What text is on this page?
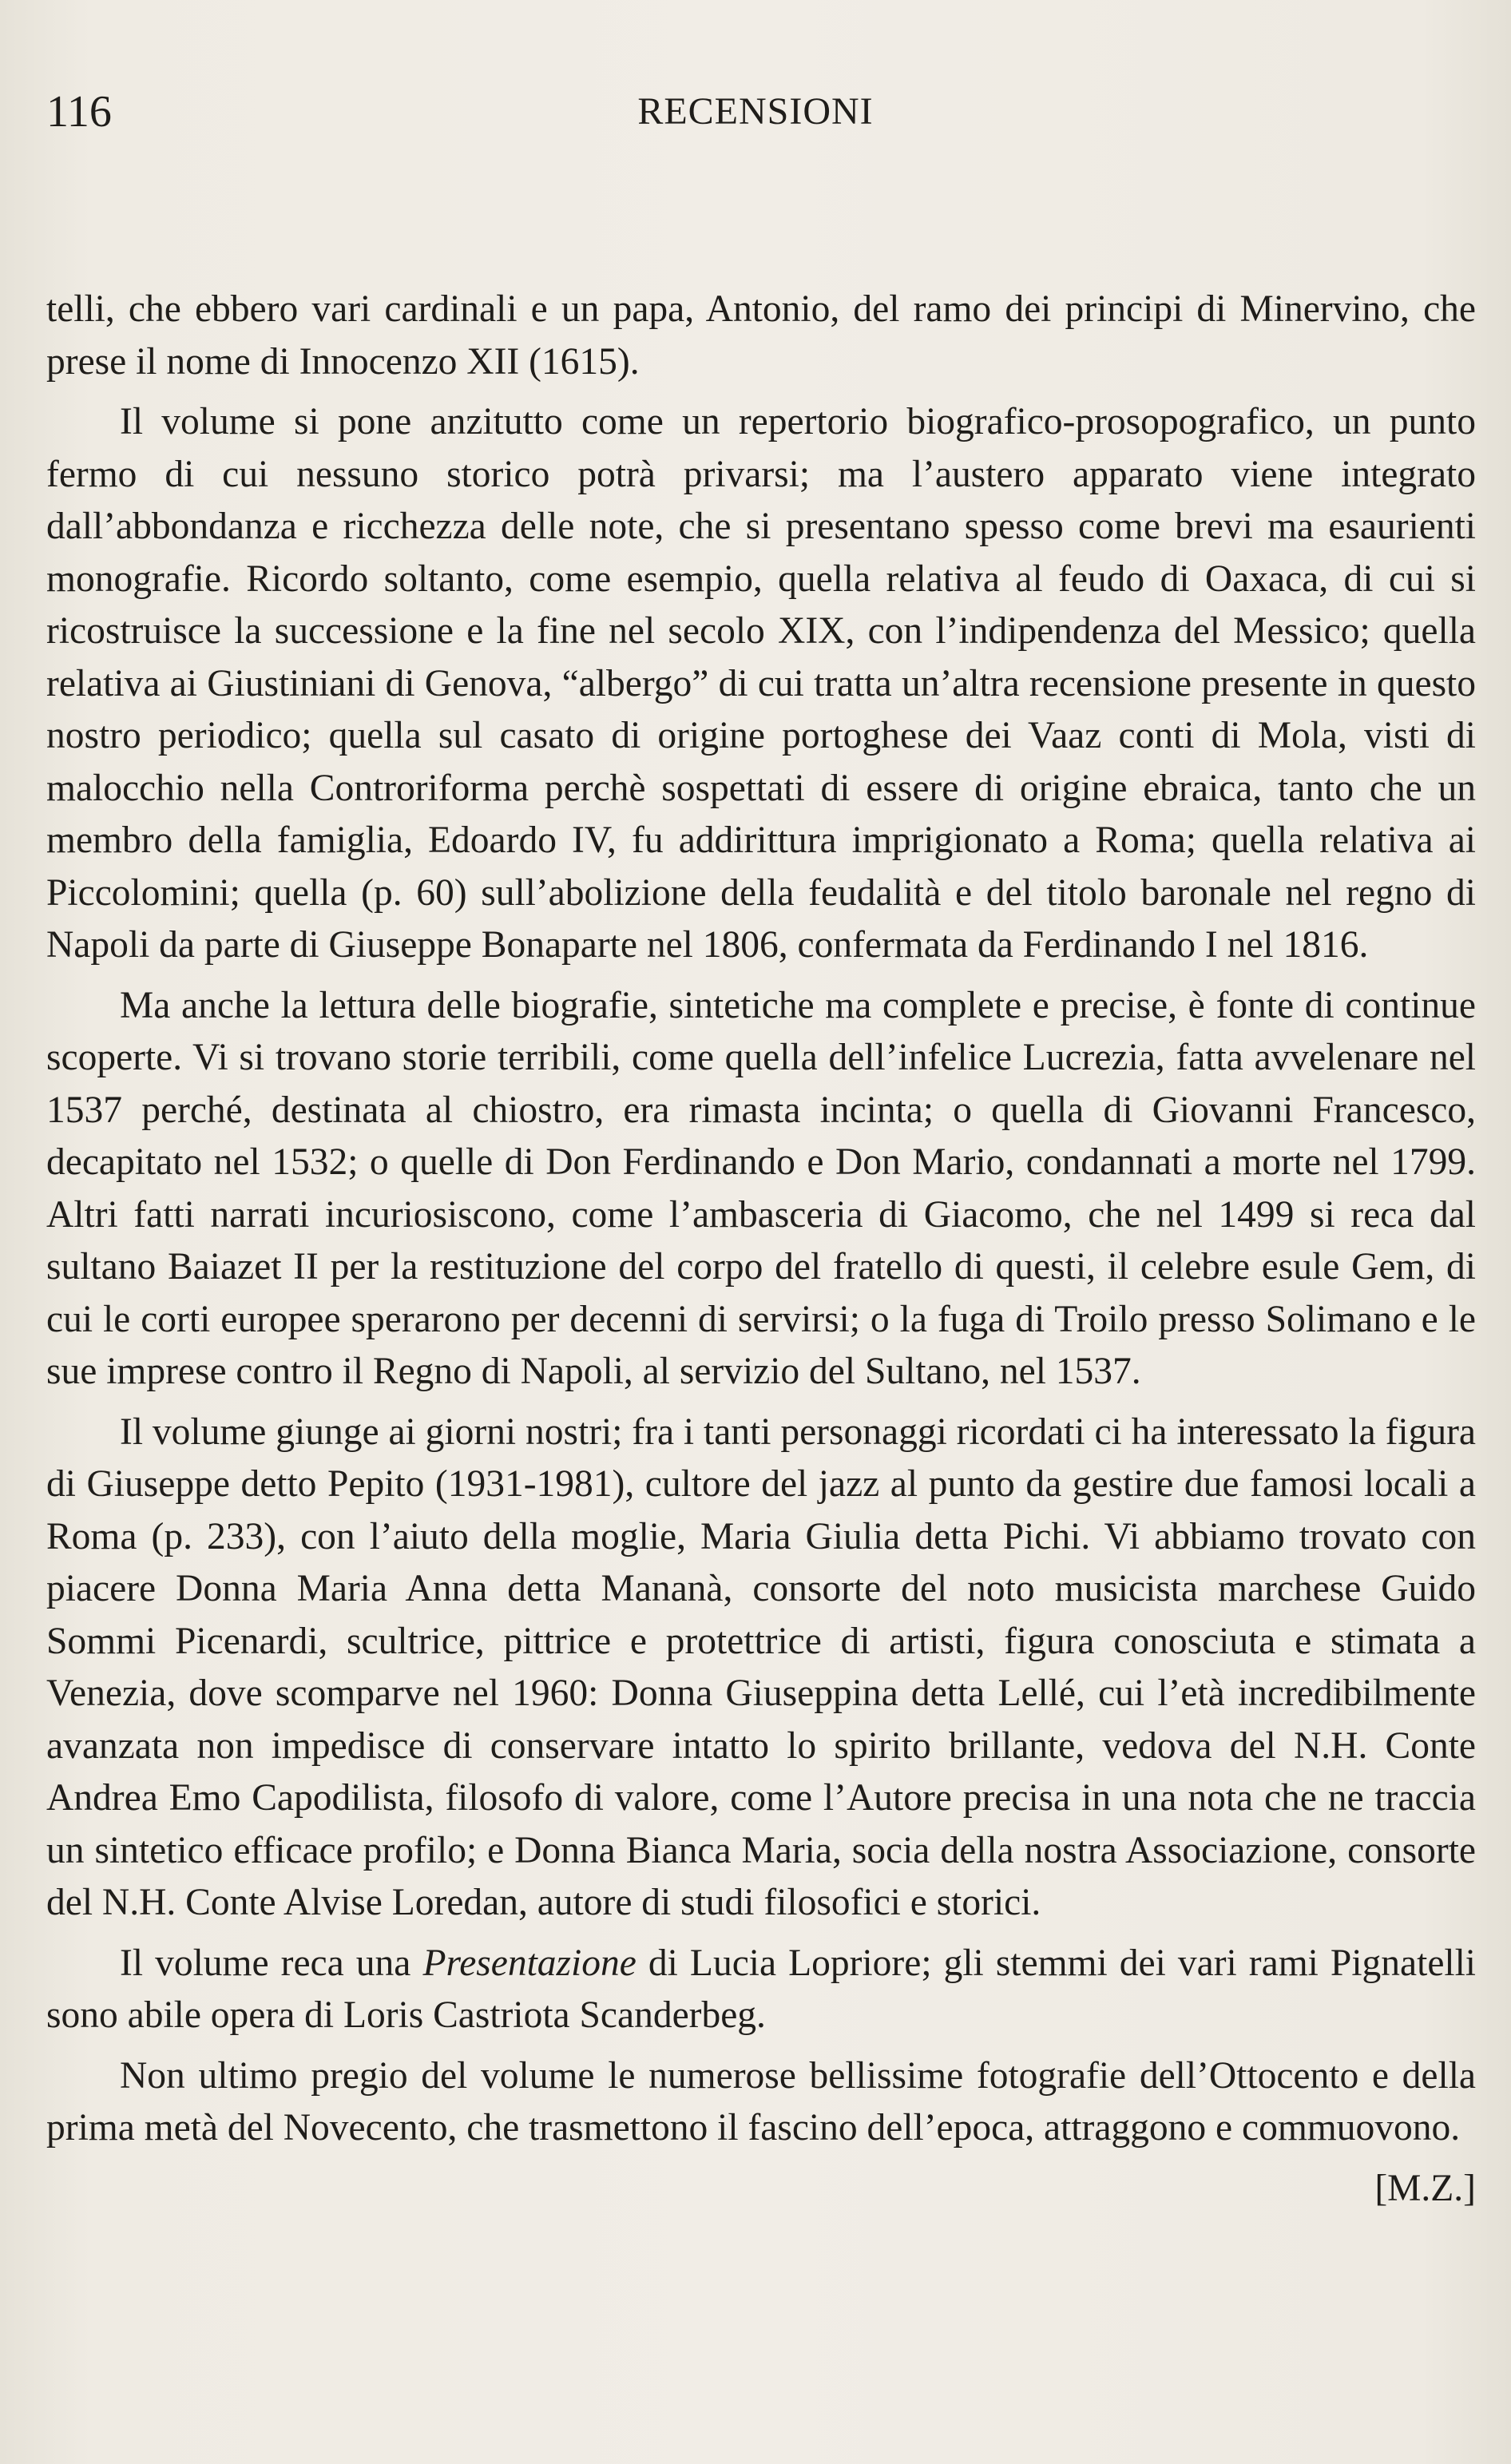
116	RECENSIONI

telli, che ebbero vari cardinali e un papa, Antonio, del ramo dei principi di Minervino, che prese il nome di Innocenzo XII (1615).

Il volume si pone anzitutto come un repertorio biografico-prosopografico, un punto fermo di cui nessuno storico potrà privarsi; ma l’austero apparato viene integrato dall’abbondanza e ricchezza delle note, che si presentano spesso come brevi ma esaurienti monografie. Ricordo soltanto, come esempio, quella relativa al feudo di Oaxaca, di cui si ricostruisce la successione e la fine nel secolo XIX, con l’indipendenza del Messico; quella relativa ai Giustiniani di Genova, “albergo” di cui tratta un’altra recensione presente in questo nostro periodico; quella sul casato di origine portoghese dei Vaaz conti di Mola, visti di malocchio nella Controriforma perchè sospettati di essere di origine ebraica, tanto che un membro della famiglia, Edoardo IV, fu addirittura imprigionato a Roma; quella relativa ai Piccolomini; quella (p. 60) sull’abolizione della feudalità e del titolo baronale nel regno di Napoli da parte di Giuseppe Bonaparte nel 1806, confermata da Ferdinando I nel 1816.

Ma anche la lettura delle biografie, sintetiche ma complete e precise, è fonte di continue scoperte. Vi si trovano storie terribili, come quella dell’infelice Lucrezia, fatta avvelenare nel 1537 perché, destinata al chiostro, era rimasta incinta; o quella di Giovanni Francesco, decapitato nel 1532; o quelle di Don Ferdinando e Don Mario, condannati a morte nel 1799. Altri fatti narrati incuriosiscono, come l’ambasceria di Giacomo, che nel 1499 si reca dal sultano Baiazet II per la restituzione del corpo del fratello di questi, il celebre esule Gem, di cui le corti europee sperarono per decenni di servirsi; o la fuga di Troilo presso Solimano e le sue imprese contro il Regno di Napoli, al servizio del Sultano, nel 1537.

Il volume giunge ai giorni nostri; fra i tanti personaggi ricordati ci ha interessato la figura di Giuseppe detto Pepito (1931-1981), cultore del jazz al punto da gestire due famosi locali a Roma (p. 233), con l’aiuto della moglie, Maria Giulia detta Pichi. Vi abbiamo trovato con piacere Donna Maria Anna detta Mananà, consorte del noto musicista marchese Guido Sommi Picenardi, scultrice, pittrice e protettrice di artisti, figura conosciuta e stimata a Venezia, dove scomparve nel 1960: Donna Giuseppina detta Lellé, cui l’età incredibilmente avanzata non impedisce di conservare intatto lo spirito brillante, vedova del N.H. Conte Andrea Emo Capodilista, filosofo di valore, come l’Autore precisa in una nota che ne traccia un sintetico efficace profilo; e Donna Bianca Maria, socia della nostra Associazione, consorte del N.H. Conte Alvise Loredan, autore di studi filosofici e storici.

Il volume reca una Presentazione di Lucia Lopriore; gli stemmi dei vari rami Pignatelli sono abile opera di Loris Castriota Scanderbeg.

Non ultimo pregio del volume le numerose bellissime fotografie dell’Ottocento e della prima metà del Novecento, che trasmettono il fascino dell’epoca, attraggono e commuovono.

[M.Z.]
